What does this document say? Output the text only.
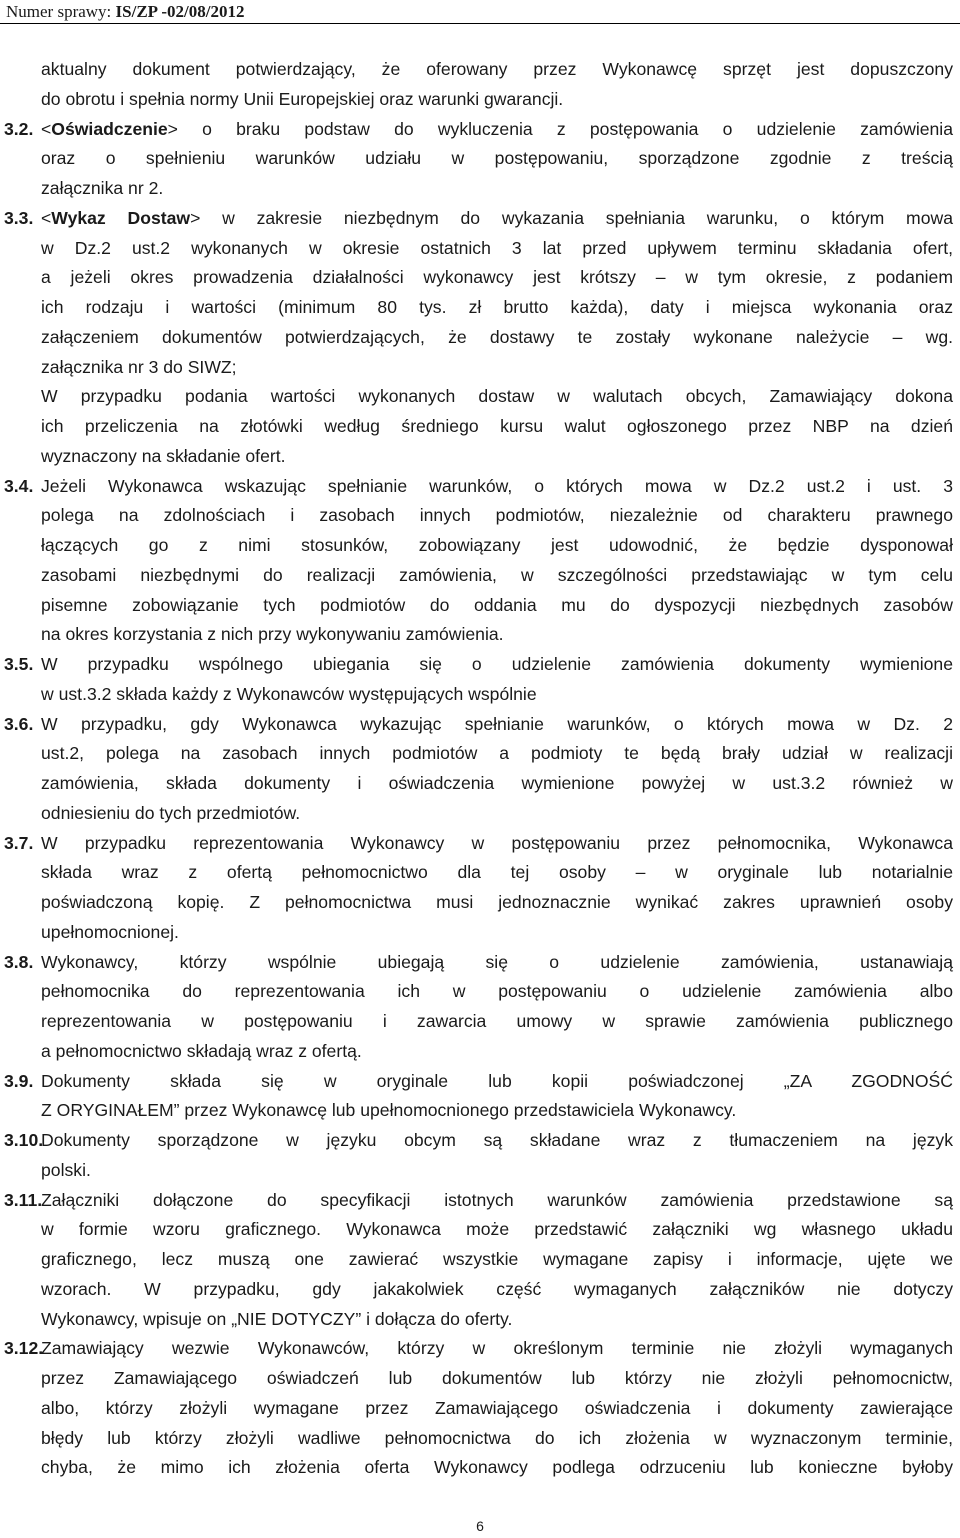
Numer sprawy: IS/ZP -02/08/2012
aktualny dokument potwierdzający, że oferowany przez Wykonawcę sprzęt jest dopuszczony
do obrotu i spełnia normy Unii Europejskiej oraz warunki gwarancji.
3.2. <Oświadczenie> o braku podstaw do wykluczenia z postępowania o udzielenie zamówienia
oraz o spełnieniu warunków udziału w postępowaniu, sporządzone zgodnie z treścią
załącznika nr 2.
3.3. <Wykaz Dostaw> w zakresie niezbędnym do wykazania spełniania warunku, o którym mowa
w Dz.2 ust.2 wykonanych w okresie ostatnich 3 lat przed upływem terminu składania ofert,
a jeżeli okres prowadzenia działalności wykonawcy jest krótszy – w tym okresie, z podaniem
ich rodzaju i wartości (minimum 80 tys. zł brutto każda), daty i miejsca wykonania oraz
załączeniem dokumentów potwierdzających, że dostawy te zostały wykonane należycie – wg.
załącznika nr 3 do SIWZ;
W przypadku podania wartości wykonanych dostaw w walutach obcych, Zamawiający dokona
ich przeliczenia na złotówki według średniego kursu walut ogłoszonego przez NBP na dzień
wyznaczony na składanie ofert.
3.4. Jeżeli Wykonawca wskazując spełnianie warunków, o których mowa w Dz.2 ust.2 i ust. 3
polega na zdolnościach i zasobach innych podmiotów, niezależnie od charakteru prawnego
łączących go z nimi stosunków, zobowiązany jest udowodnić, że będzie dysponował
zasobami niezbędnymi do realizacji zamówienia, w szczególności przedstawiając w tym celu
pisemne zobowiązanie tych podmiotów do oddania mu do dyspozycji niezbędnych zasobów
na okres korzystania z nich przy wykonywaniu zamówienia.
3.5. W przypadku wspólnego ubiegania się o udzielenie zamówienia dokumenty wymienione
w ust.3.2 składa każdy z Wykonawców występujących wspólnie
3.6. W przypadku, gdy Wykonawca wykazując spełnianie warunków, o których mowa w Dz. 2
ust.2, polega na zasobach innych podmiotów a podmioty te będą brały udział w realizacji
zamówienia, składa dokumenty i oświadczenia wymienione powyżej w ust.3.2 również w
odniesieniu do tych przedmiotów.
3.7. W przypadku reprezentowania Wykonawcy w postępowaniu przez pełnomocnika, Wykonawca
składa wraz z ofertą pełnomocnictwo dla tej osoby – w oryginale lub notarialnie
poświadczoną kopię. Z pełnomocnictwa musi jednoznacznie wynikać zakres uprawnień osoby
upełnomocnionej.
3.8. Wykonawcy, którzy wspólnie ubiegają się o udzielenie zamówienia, ustanawiają
pełnomocnika do reprezentowania ich w postępowaniu o udzielenie zamówienia albo
reprezentowania w postępowaniu i zawarcia umowy w sprawie zamówienia publicznego
a pełnomocnictwo składają wraz z ofertą.
3.9. Dokumenty składa się w oryginale lub kopii poświadczonej „ZA ZGODNOŚĆ
Z ORYGINAŁEM” przez Wykonawcę lub upełnomocnionego przedstawiciela Wykonawcy.
3.10.
Dokumenty sporządzone w języku obcym są składane wraz z tłumaczeniem na język
polski.
3.11.
Załączniki dołączone do specyfikacji istotnych warunków zamówienia przedstawione są
w formie wzoru graficznego. Wykonawca może przedstawić załączniki wg własnego układu
graficznego, lecz muszą one zawierać wszystkie wymagane zapisy i informacje, ujęte we
wzorach. W przypadku, gdy jakakolwiek część wymaganych załączników nie dotyczy
Wykonawcy, wpisuje on „NIE DOTYCZY” i dołącza do oferty.
3.12.
Zamawiający wezwie Wykonawców, którzy w określonym terminie nie złożyli wymaganych
przez Zamawiającego oświadczeń lub dokumentów lub którzy nie złożyli pełnomocnictw,
albo, którzy złożyli wymagane przez Zamawiającego oświadczenia i dokumenty zawierające
błędy lub którzy złożyli wadliwe pełnomocnictwa do ich złożenia w wyznaczonym terminie,
chyba, że mimo ich złożenia oferta Wykonawcy podlega odrzuceniu lub konieczne byłoby
6
